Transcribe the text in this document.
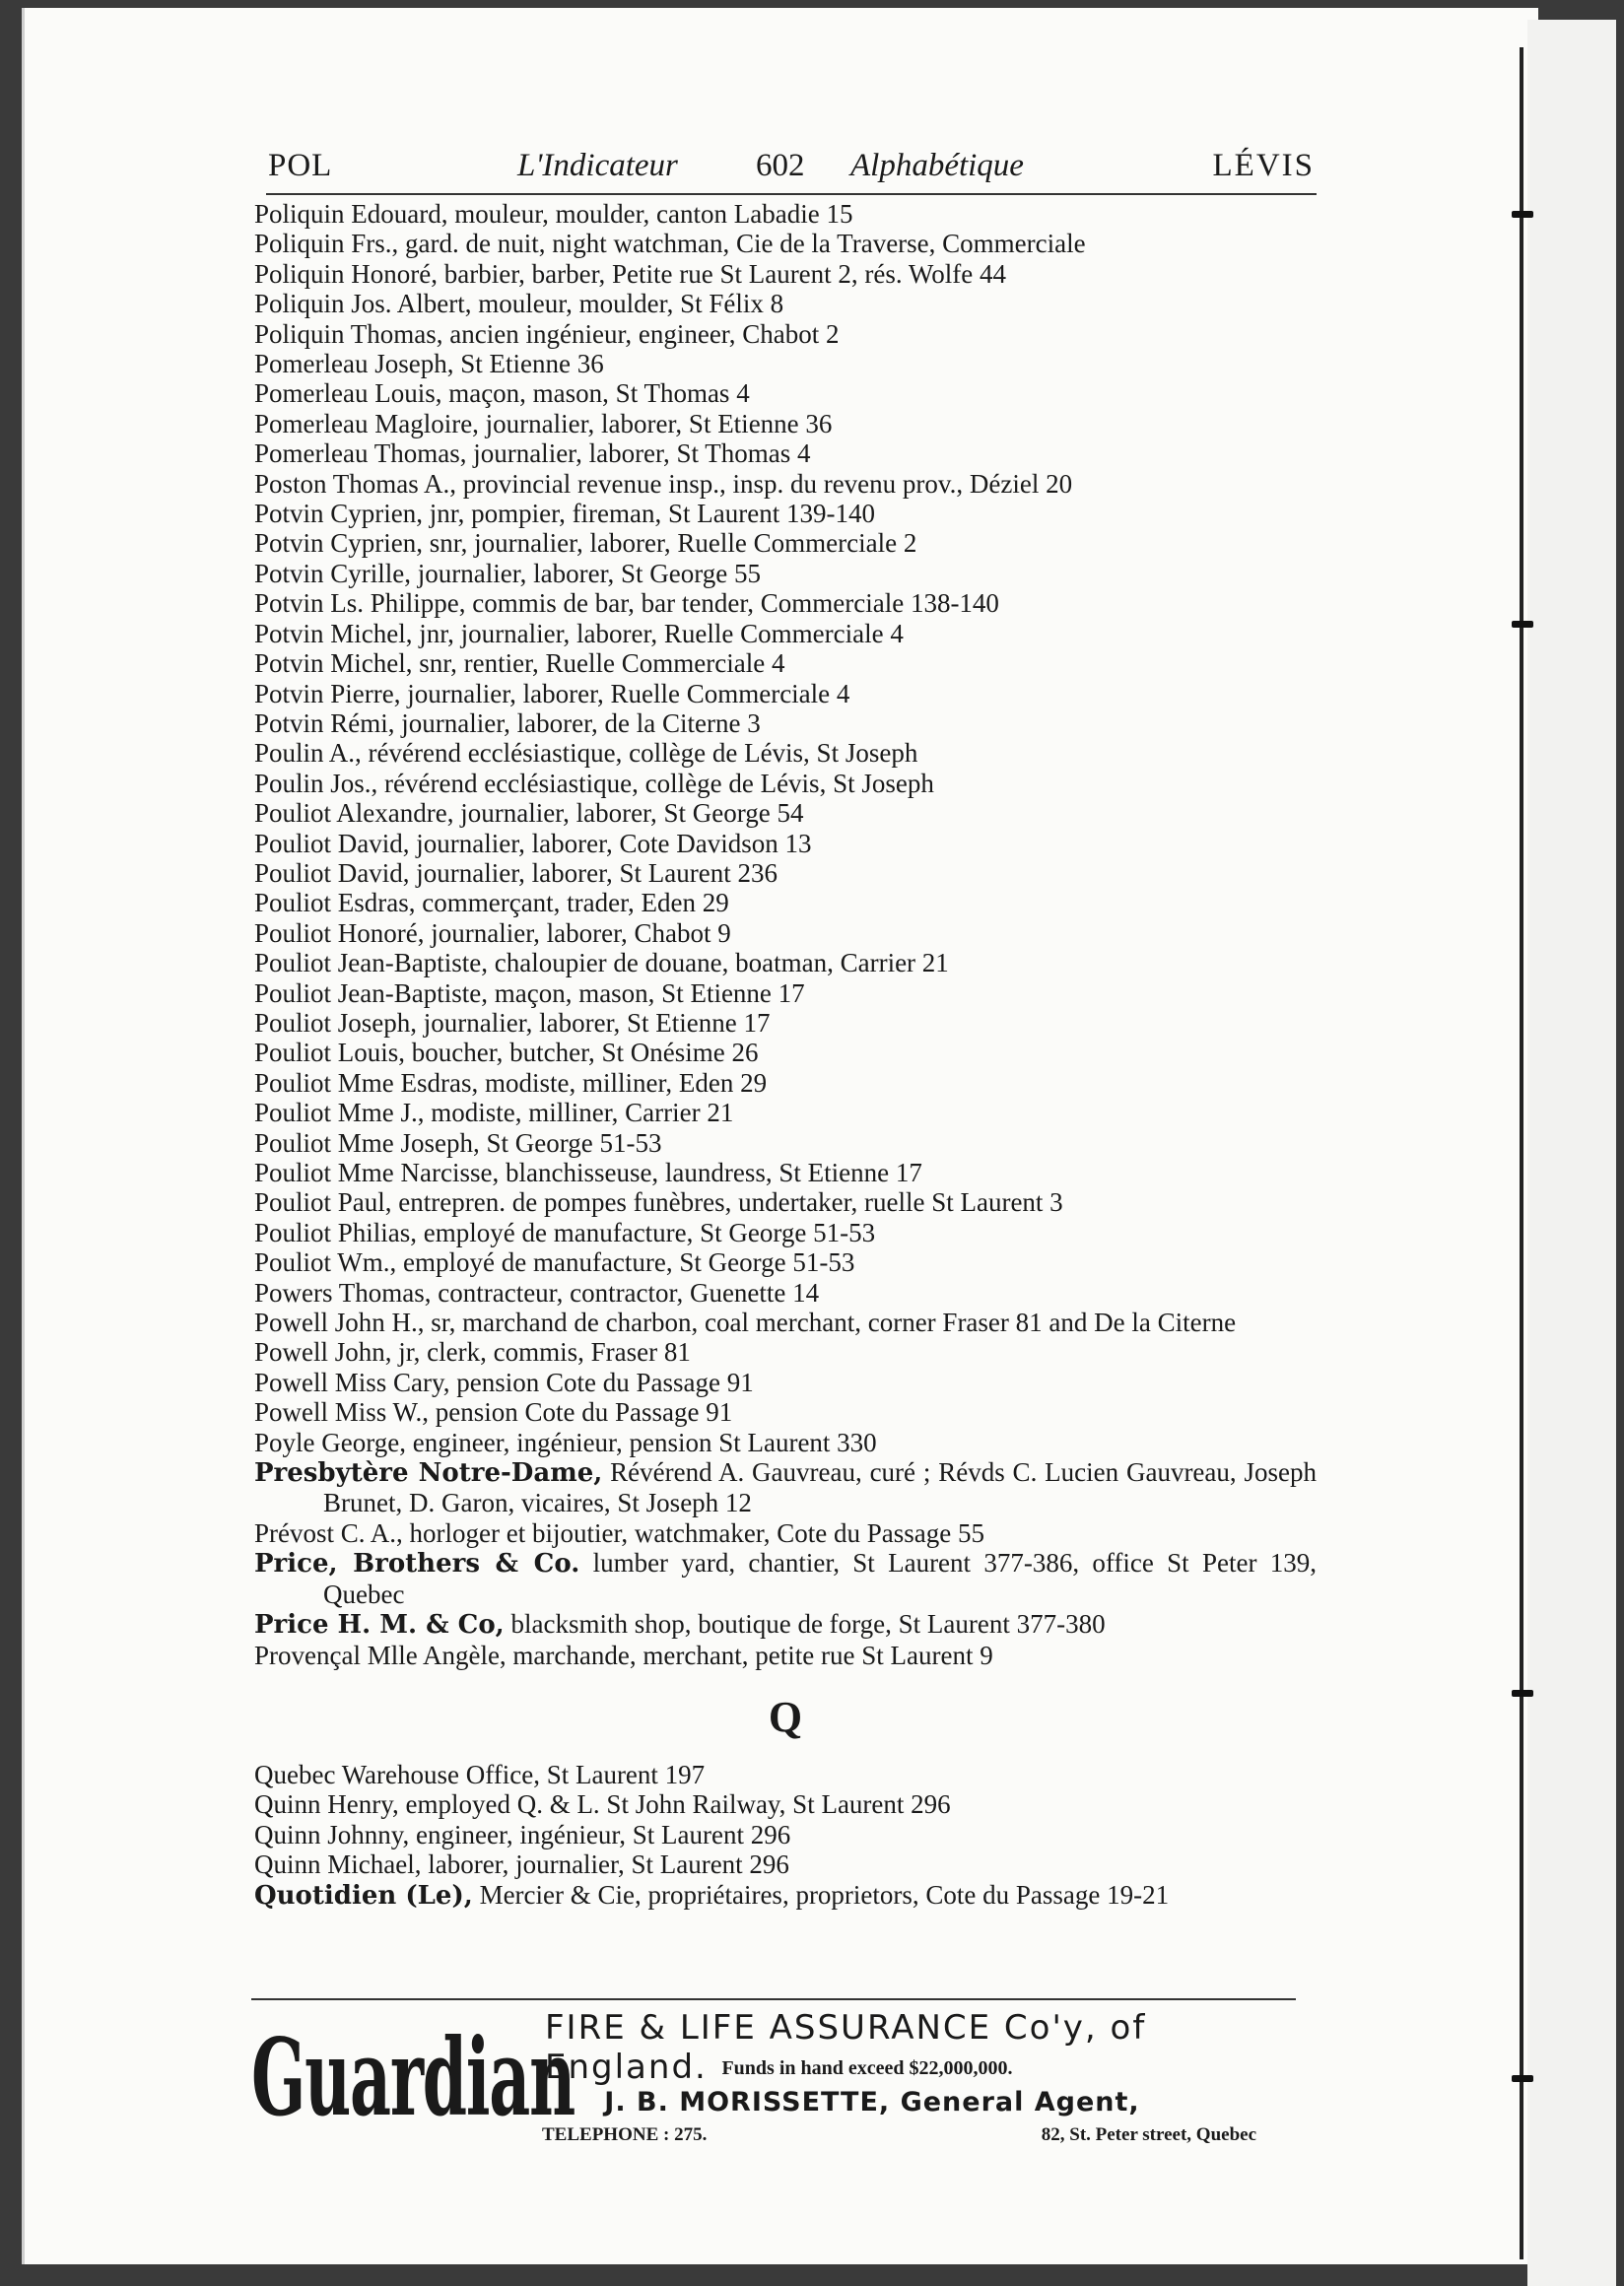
POL	L'Indicateur 602 Alphabétique	LÉVIS
Poliquin Edouard, mouleur, moulder, canton Labadie 15
Poliquin Frs., gard. de nuit, night watchman, Cie de la Traverse, Commerciale
Poliquin Honoré, barbier, barber, Petite rue St Laurent 2, rés. Wolfe 44
Poliquin Jos. Albert, mouleur, moulder, St Félix 8
Poliquin Thomas, ancien ingénieur, engineer, Chabot 2
Pomerleau Joseph, St Etienne 36
Pomerleau Louis, maçon, mason, St Thomas 4
Pomerleau Magloire, journalier, laborer, St Etienne 36
Pomerleau Thomas, journalier, laborer, St Thomas 4
Poston Thomas A., provincial revenue insp., insp. du revenu prov., Déziel 20
Potvin Cyprien, jnr, pompier, fireman, St Laurent 139-140
Potvin Cyprien, snr, journalier, laborer, Ruelle Commerciale 2
Potvin Cyrille, journalier, laborer, St George 55
Potvin Ls. Philippe, commis de bar, bar tender, Commerciale 138-140
Potvin Michel, jnr, journalier, laborer, Ruelle Commerciale 4
Potvin Michel, snr, rentier, Ruelle Commerciale 4
Potvin Pierre, journalier, laborer, Ruelle Commerciale 4
Potvin Rémi, journalier, laborer, de la Citerne 3
Poulin A., révérend ecclésiastique, collège de Lévis, St Joseph
Poulin Jos., révérend ecclésiastique, collège de Lévis, St Joseph
Pouliot Alexandre, journalier, laborer, St George 54
Pouliot David, journalier, laborer, Cote Davidson 13
Pouliot David, journalier, laborer, St Laurent 236
Pouliot Esdras, commerçant, trader, Eden 29
Pouliot Honoré, journalier, laborer, Chabot 9
Pouliot Jean-Baptiste, chaloupier de douane, boatman, Carrier 21
Pouliot Jean-Baptiste, maçon, mason, St Etienne 17
Pouliot Joseph, journalier, laborer, St Etienne 17
Pouliot Louis, boucher, butcher, St Onésime 26
Pouliot Mme Esdras, modiste, milliner, Eden 29
Pouliot Mme J., modiste, milliner, Carrier 21
Pouliot Mme Joseph, St George 51-53
Pouliot Mme Narcisse, blanchisseuse, laundress, St Etienne 17
Pouliot Paul, entrepren. de pompes funèbres, undertaker, ruelle St Laurent 3
Pouliot Philias, employé de manufacture, St George 51-53
Pouliot Wm., employé de manufacture, St George 51-53
Powers Thomas, contracteur, contractor, Guenette 14
Powell John H., sr, marchand de charbon, coal merchant, corner Fraser 81 and De la Citerne
Powell John, jr, clerk, commis, Fraser 81
Powell Miss Cary, pension Cote du Passage 91
Powell Miss W., pension Cote du Passage 91
Poyle George, engineer, ingénieur, pension St Laurent 330
Presbytère Notre-Dame, Révérend A. Gauvreau, curé ; Révds C. Lucien Gauvreau, Joseph Brunet, D. Garon, vicaires, St Joseph 12
Prévost C. A., horloger et bijoutier, watchmaker, Cote du Passage 55
Price, Brothers & Co. lumber yard, chantier, St Laurent 377-386, office St Peter 139, Quebec
Price H. M. & Co, blacksmith shop, boutique de forge, St Laurent 377-380
Provençal Mlle Angèle, marchande, merchant, petite rue St Laurent 9
Q
Quebec Warehouse Office, St Laurent 197
Quinn Henry, employed Q. & L. St John Railway, St Laurent 296
Quinn Johnny, engineer, ingénieur, St Laurent 296
Quinn Michael, laborer, journalier, St Laurent 296
Quotidien (Le), Mercier & Cie, propriétaires, proprietors, Cote du Passage 19-21
Guardian
FIRE & LIFE ASSURANCE Co'y, of England. Funds in hand exceed $22,000,000.
J. B. MORISSETTE, General Agent,
TELEPHONE : 275.	82, St. Peter street, Quebec
